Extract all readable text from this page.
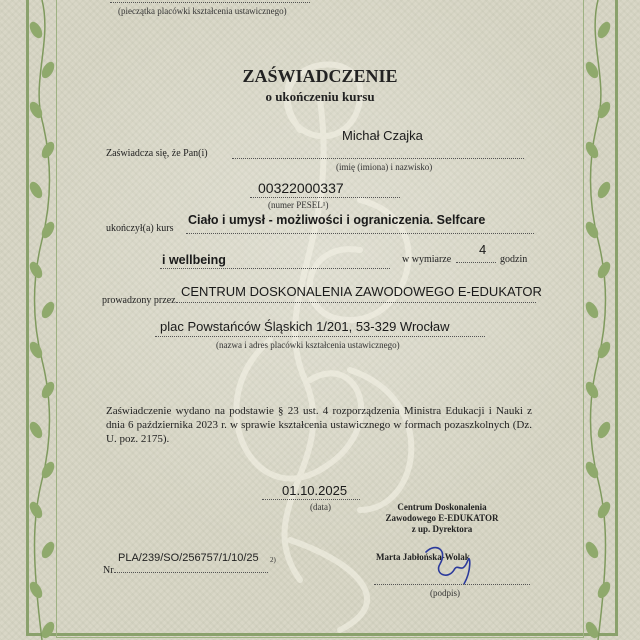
(pieczątka placówki kształcenia ustawicznego)
ZAŚWIADCZENIE
o ukończeniu kursu
Michał Czajka
Zaświadcza się, że Pan(i)
(imię (imiona) i nazwisko)
00322000337
(numer PESEL¹)
ukończył(a) kurs
Ciało i umysł - możliwości i ograniczenia. Selfcare
i wellbeing	w wymiarze
4
godzin
prowadzony przez
CENTRUM DOSKONALENIA ZAWODOWEGO E-EDUKATOR
plac Powstańców Śląskich 1/201, 53-329 Wrocław
(nazwa i adres placówki kształcenia ustawicznego)
Zaświadczenie wydano na podstawie § 23 ust. 4 rozporządzenia Ministra Edukacji i Nauki z dnia 6 października 2023 r. w sprawie kształcenia ustawicznego w formach pozaszkolnych (Dz. U. poz. 2175).
01.10.2025
(data)	Centrum Doskonalenia
Zawodowego E-EDUKATOR
z up. Dyrektora
PLA/239/SO/256757/1/10/25 2)
Nr
Marta Jabłońska-Wolak
(podpis)
